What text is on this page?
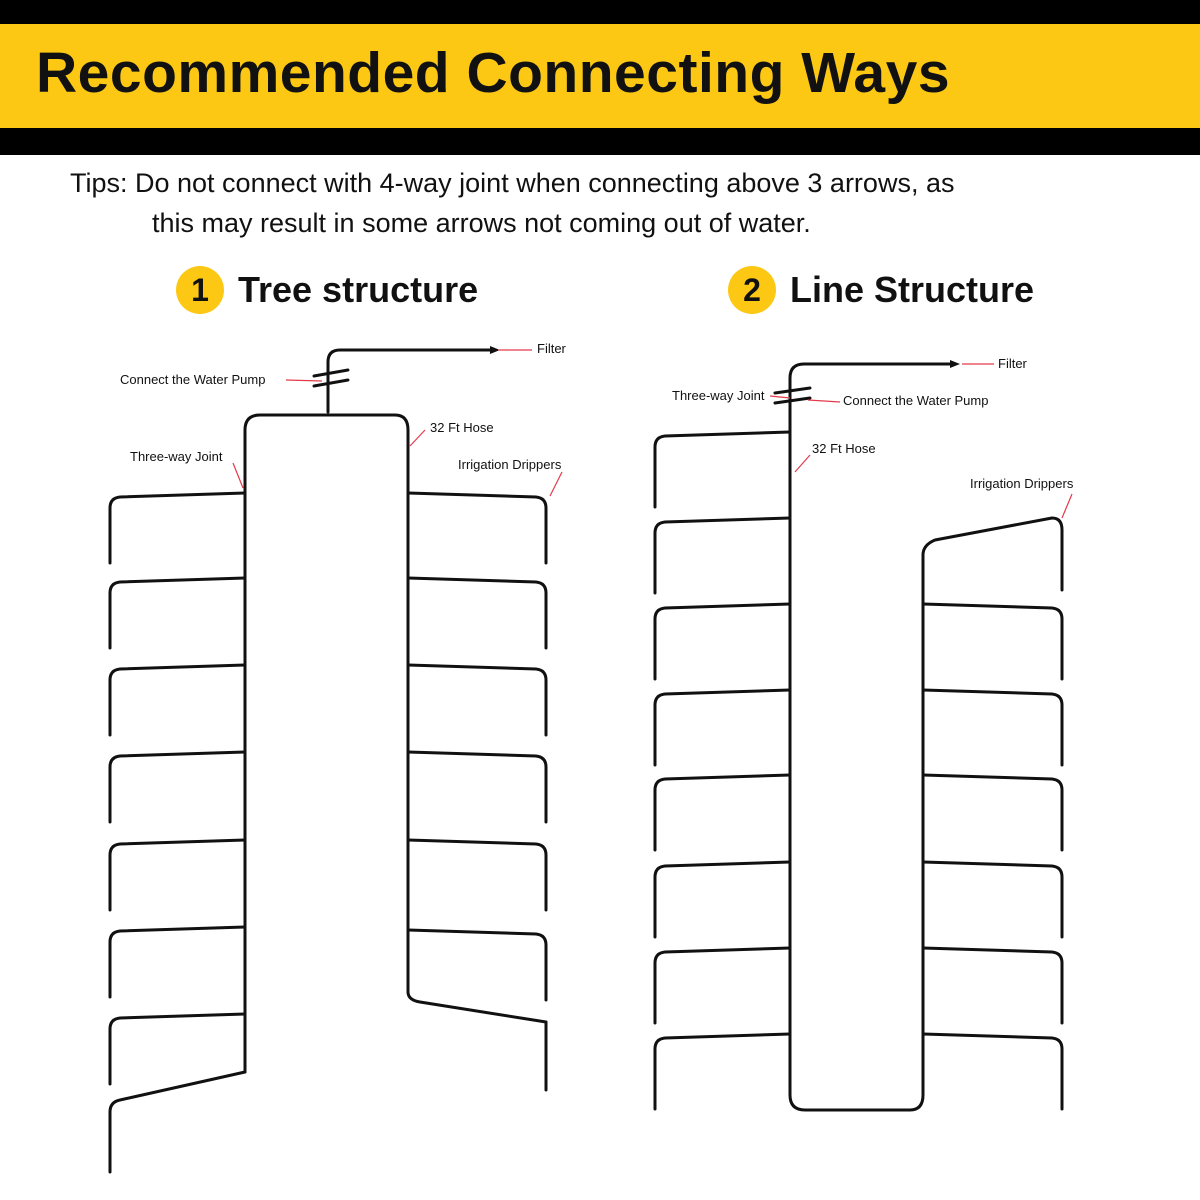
Recommended Connecting Ways
Tips: Do not connect with 4-way joint when connecting above 3 arrows, as
this may result in some arrows not coming out of water.
1 Tree structure	2 Line Structure
Filter
Connect the Water Pump
32 Ft Hose
Three-way Joint
Irrigation Drippers
Filter
Three-way Joint	Connect the Water Pump
32 Ft Hose
Irrigation Drippers
